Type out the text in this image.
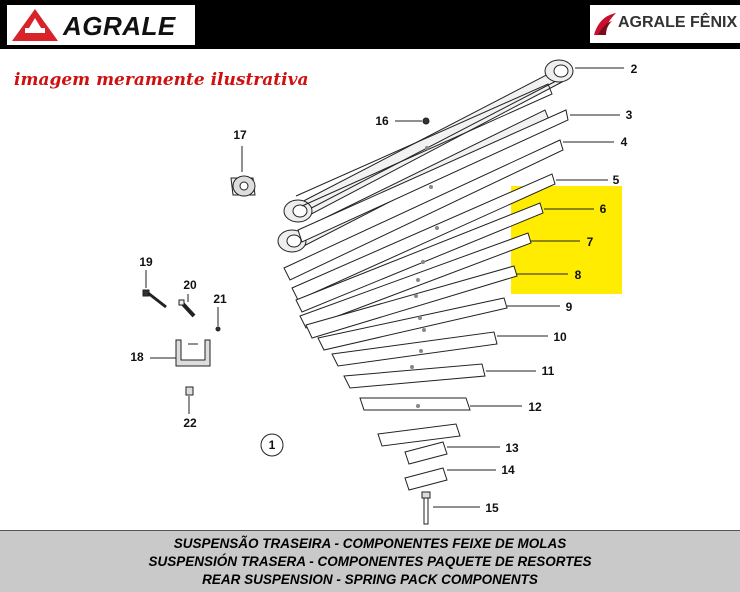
AGRALE	AGRALE FÊNIX
imagem meramente ilustrativa
2
3
4
5
6
7
8
9
10
11
12
13
14
15
16
17
18
19
20
21
22
1
SUSPENSÃO TRASEIRA - COMPONENTES FEIXE DE MOLAS
SUSPENSIÓN TRASERA - COMPONENTES PAQUETE DE RESORTES
REAR SUSPENSION - SPRING PACK COMPONENTS
